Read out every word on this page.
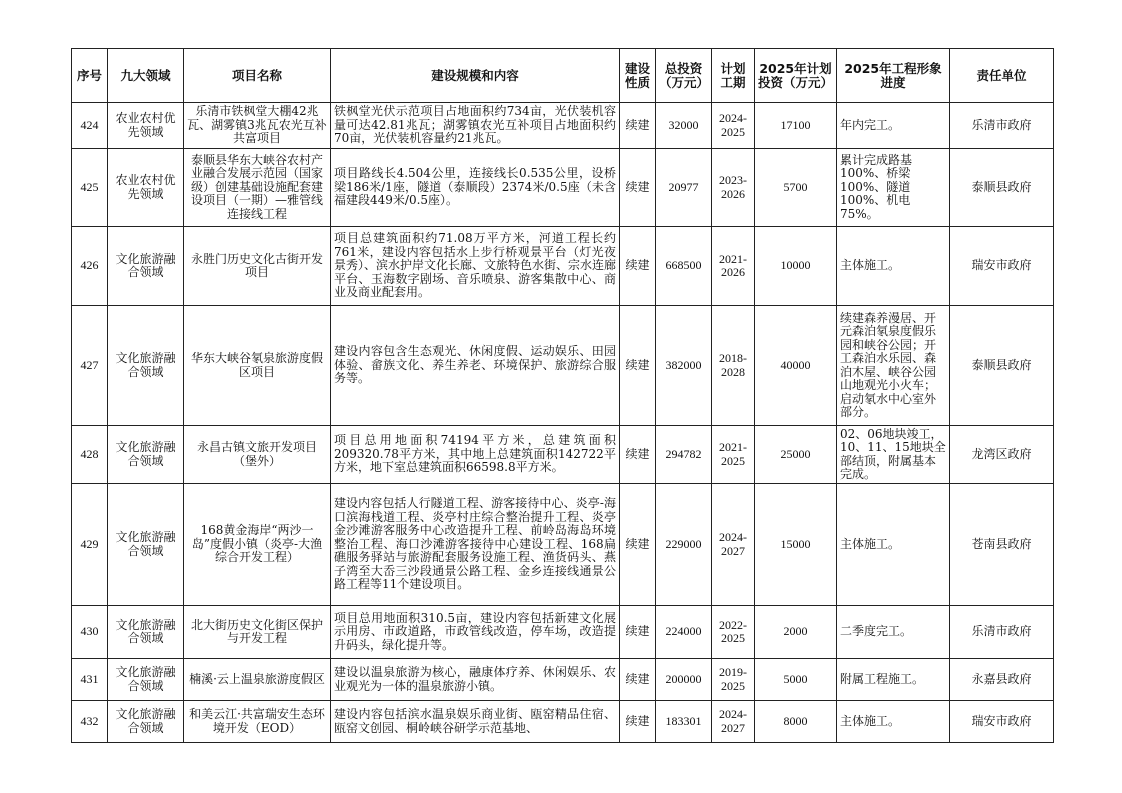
序号	九大领域	项目名称	建设规模和内容	建设性质	总投资（万元）	计划工期	2025年计划投资（万元）	2025年工程形象进度	责任单位
424	农业农村优先领域	乐清市铁枫堂大棚42兆瓦、湖雾镇3兆瓦农光互补共富项目	铁枫堂光伏示范项目占地面积约734亩，光伏装机容量可达42.81兆瓦；湖雾镇农光互补项目占地面积约70亩，光伏装机容量约21兆瓦。	续建	32000	2024-2025	17100	年内完工。	乐清市政府
425	农业农村优先领域	泰顺县华东大峡谷农村产业融合发展示范园（国家级）创建基础设施配套建设项目（一期）—雅管线连接线工程	项目路线长4.504公里，连接线长0.535公里，设桥梁186米/1座，隧道（泰顺段）2374米/0.5座（未含福建段449米/0.5座）。	续建	20977	2023-2026	5700	累计完成路基100%、桥梁100%、隧道100%、机电75%。	泰顺县政府
426	文化旅游融合领域	永胜门历史文化古街开发项目	项目总建筑面积约71.08万平方米，河道工程长约761米，建设内容包括水上步行桥观景平台（灯光夜景秀）、滨水护岸文化长廊、文旅特色水街、宗水连廊平台、玉海数字剧场、音乐喷泉、游客集散中心、商业及商业配套用。	续建	668500	2021-2026	10000	主体施工。	瑞安市政府
427	文化旅游融合领域	华东大峡谷氡泉旅游度假区项目	建设内容包含生态观光、休闲度假、运动娱乐、田园体验、畲族文化、养生养老、环境保护、旅游综合服务等。	续建	382000	2018-2028	40000	续建森养漫居、开元森泊氡泉度假乐园和峡谷公园；开工森泊水乐园、森泊木屋、峡谷公园山地观光小火车；启动氡水中心室外部分。	泰顺县政府
428	文化旅游融合领域	永昌古镇文旅开发项目（堡外）	项目总用地面积74194平方米，总建筑面积209320.78平方米，其中地上总建筑面积142722平方米，地下室总建筑面积66598.8平方米。	续建	294782	2021-2025	25000	02、06地块竣工，10、11、15地块全部结顶，附属基本完成。	龙湾区政府
429	文化旅游融合领域	168黄金海岸“两沙一岛”度假小镇（炎亭-大渔综合开发工程）	建设内容包括人行隧道工程、游客接待中心、炎亭-海口滨海栈道工程、炎亭村庄综合整治提升工程、炎亭金沙滩游客服务中心改造提升工程、前岭岛海岛环境整治工程、海口沙滩游客接待中心建设工程、168扁礁服务驿站与旅游配套服务设施工程、渔货码头、燕子湾至大岙三沙段通景公路工程、金乡连接线通景公路工程等11个建设项目。	续建	229000	2024-2027	15000	主体施工。	苍南县政府
430	文化旅游融合领域	北大街历史文化街区保护与开发工程	项目总用地面积310.5亩，建设内容包括新建文化展示用房、市政道路，市政管线改造，停车场，改造提升码头，绿化提升等。	续建	224000	2022-2025	2000	二季度完工。	乐清市政府
431	文化旅游融合领域	楠溪·云上温泉旅游度假区	建设以温泉旅游为核心，融康体疗养、休闲娱乐、农业观光为一体的温泉旅游小镇。	续建	200000	2019-2025	5000	附属工程施工。	永嘉县政府
432	文化旅游融合领域	和美云江·共富瑞安生态环境开发（EOD）	建设内容包括滨水温泉娱乐商业街、瓯窑精品住宿、瓯窑文创园、桐岭峡谷研学示范基地、	续建	183301	2024-2027	8000	主体施工。	瑞安市政府
